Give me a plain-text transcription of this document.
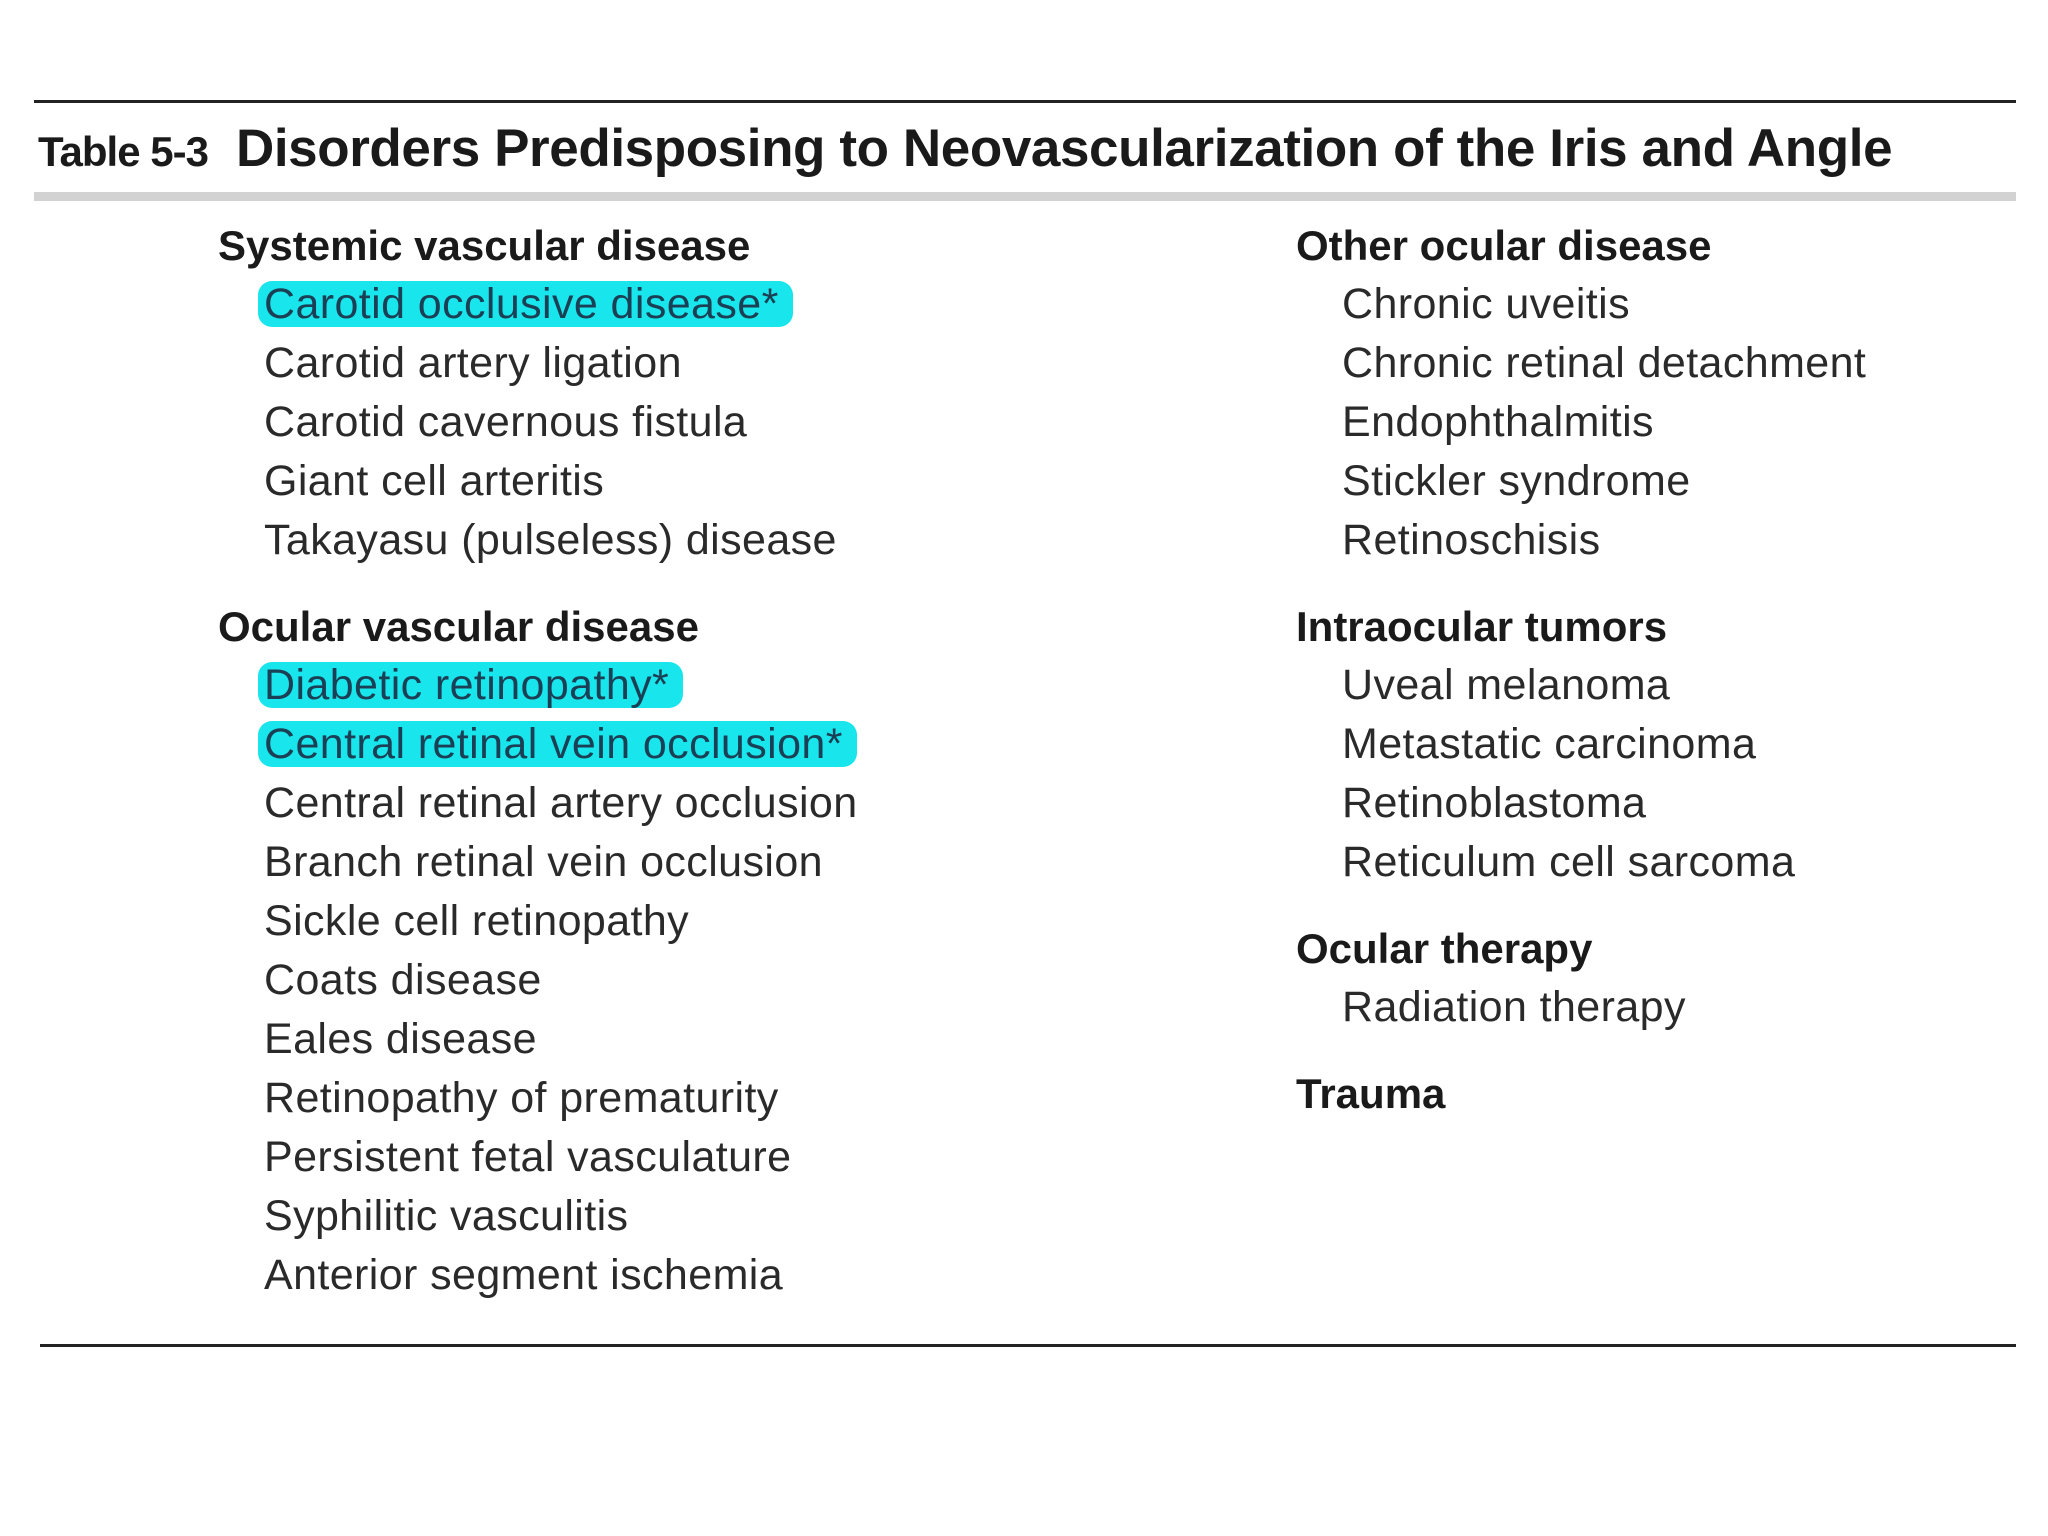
Table 5-3 Disorders Predisposing to Neovascularization of the Iris and Angle
Systemic vascular disease
Carotid occlusive disease*
Carotid artery ligation
Carotid cavernous fistula
Giant cell arteritis
Takayasu (pulseless) disease
Ocular vascular disease
Diabetic retinopathy*
Central retinal vein occlusion*
Central retinal artery occlusion
Branch retinal vein occlusion
Sickle cell retinopathy
Coats disease
Eales disease
Retinopathy of prematurity
Persistent fetal vasculature
Syphilitic vasculitis
Anterior segment ischemia
Other ocular disease
Chronic uveitis
Chronic retinal detachment
Endophthalmitis
Stickler syndrome
Retinoschisis
Intraocular tumors
Uveal melanoma
Metastatic carcinoma
Retinoblastoma
Reticulum cell sarcoma
Ocular therapy
Radiation therapy
Trauma
